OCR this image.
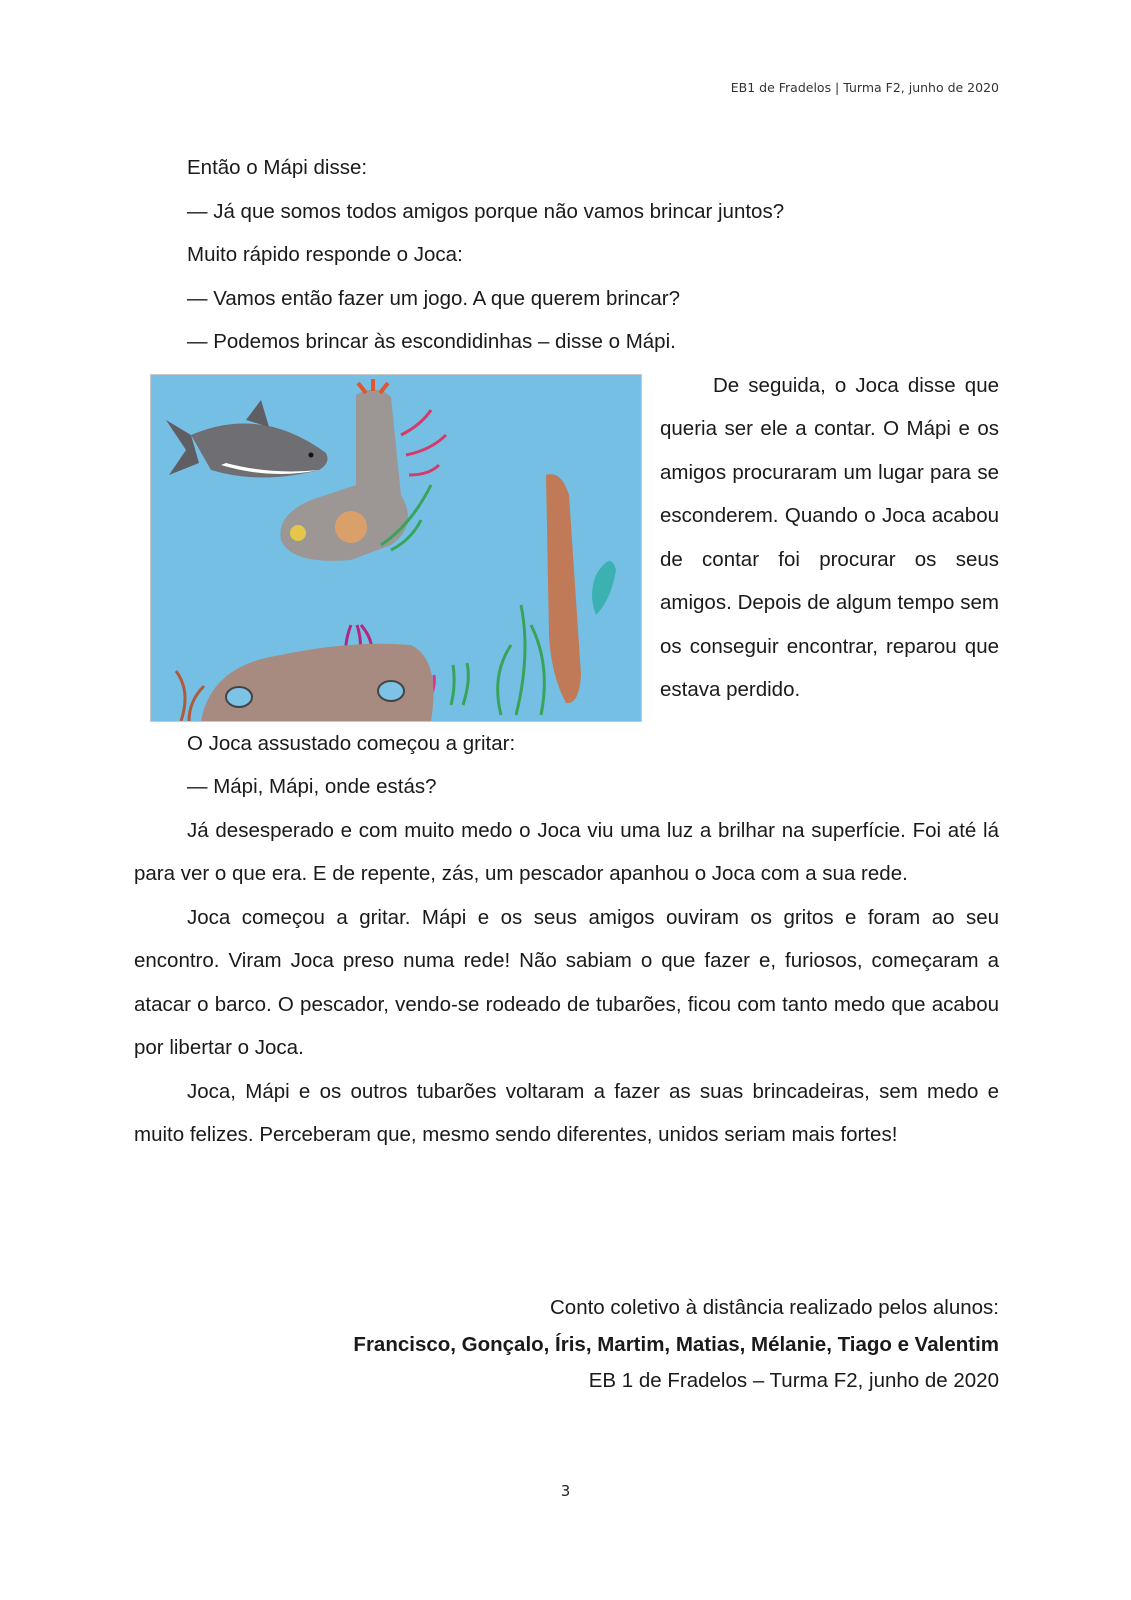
EB1 de Fradelos | Turma F2, junho de 2020

Então o Mápi disse:

— Já que somos todos amigos porque não vamos brincar juntos?

Muito rápido responde o Joca:

— Vamos então fazer um jogo. A que querem brincar?

— Podemos brincar às escondidinhas – disse o Mápi.

De seguida, o Joca disse que queria ser ele a contar. O Mápi e os amigos procuraram um lugar para se esconderem. Quando o Joca acabou de contar foi procurar os seus amigos. Depois de algum tempo sem os conseguir encontrar, reparou que estava perdido.

O Joca assustado começou a gritar:

— Mápi, Mápi, onde estás?

Já desesperado e com muito medo o Joca viu uma luz a brilhar na superfície. Foi até lá para ver o que era. E de repente, zás, um pescador apanhou o Joca com a sua rede.

Joca começou a gritar. Mápi e os seus amigos ouviram os gritos e foram ao seu encontro. Viram Joca preso numa rede! Não sabiam o que fazer e, furiosos, começaram a atacar o barco. O pescador, vendo-se rodeado de tubarões, ficou com tanto medo que acabou por libertar o Joca.

Joca, Mápi e os outros tubarões voltaram a fazer as suas brincadeiras, sem medo e muito felizes. Perceberam que, mesmo sendo diferentes, unidos seriam mais fortes!

Conto coletivo à distância realizado pelos alunos:
Francisco, Gonçalo, Íris, Martim, Matias, Mélanie, Tiago e Valentim
EB 1 de Fradelos – Turma F2, junho de 2020
3
